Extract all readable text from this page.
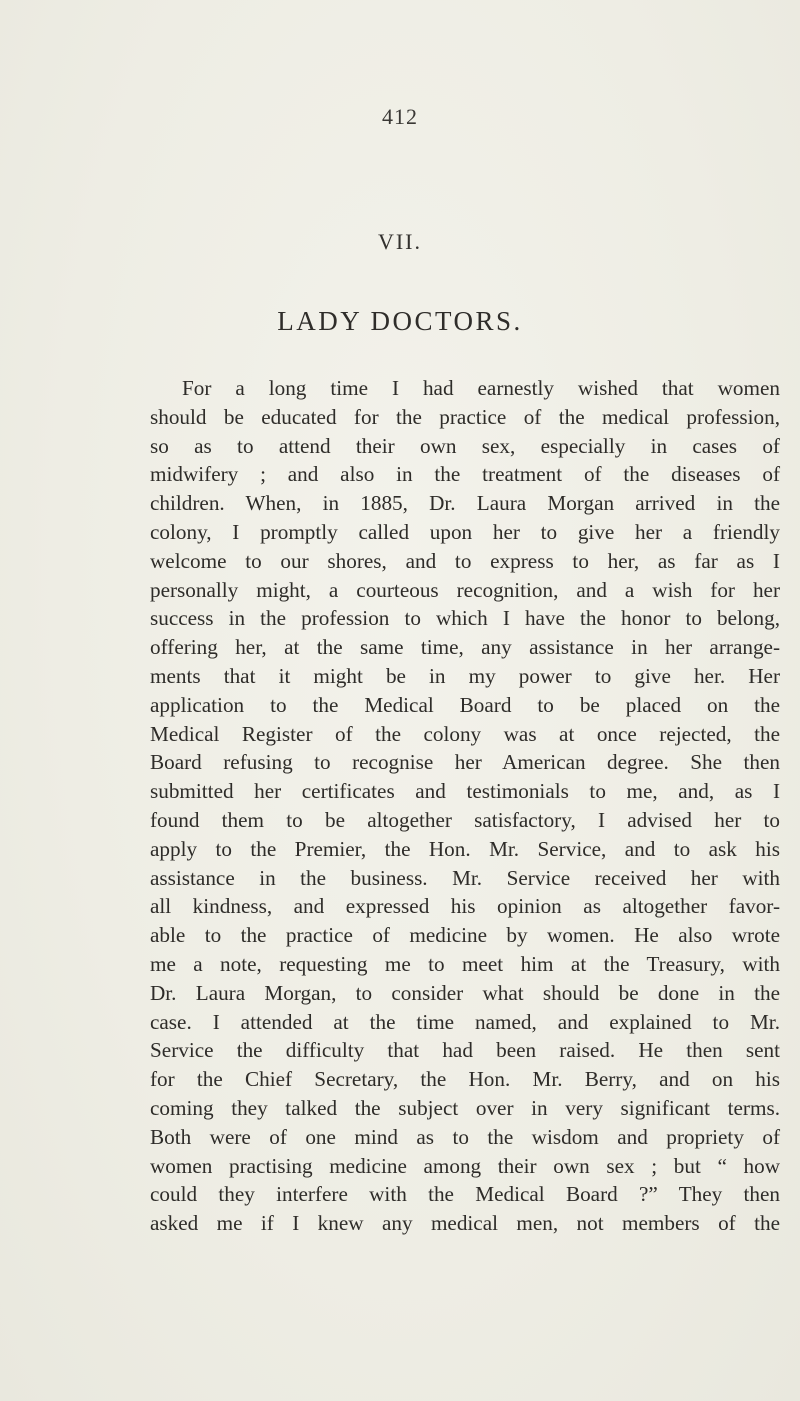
412
VII.
LADY DOCTORS.
For a long time I had earnestly wished that women
should be educated for the practice of the medical profession,
so as to attend their own sex, especially in cases of
midwifery ; and also in the treatment of the diseases of
children. When, in 1885, Dr. Laura Morgan arrived in the
colony, I promptly called upon her to give her a friendly
welcome to our shores, and to express to her, as far as I
personally might, a courteous recognition, and a wish for her
success in the profession to which I have the honor to belong,
offering her, at the same time, any assistance in her arrange-
ments that it might be in my power to give her. Her
application to the Medical Board to be placed on the
Medical Register of the colony was at once rejected, the
Board refusing to recognise her American degree. She then
submitted her certificates and testimonials to me, and, as I
found them to be altogether satisfactory, I advised her to
apply to the Premier, the Hon. Mr. Service, and to ask his
assistance in the business. Mr. Service received her with
all kindness, and expressed his opinion as altogether favor-
able to the practice of medicine by women. He also wrote
me a note, requesting me to meet him at the Treasury, with
Dr. Laura Morgan, to consider what should be done in the
case. I attended at the time named, and explained to Mr.
Service the difficulty that had been raised. He then sent
for the Chief Secretary, the Hon. Mr. Berry, and on his
coming they talked the subject over in very significant terms.
Both were of one mind as to the wisdom and propriety of
women practising medicine among their own sex ; but “ how
could they interfere with the Medical Board ?” They then
asked me if I knew any medical men, not members of the
